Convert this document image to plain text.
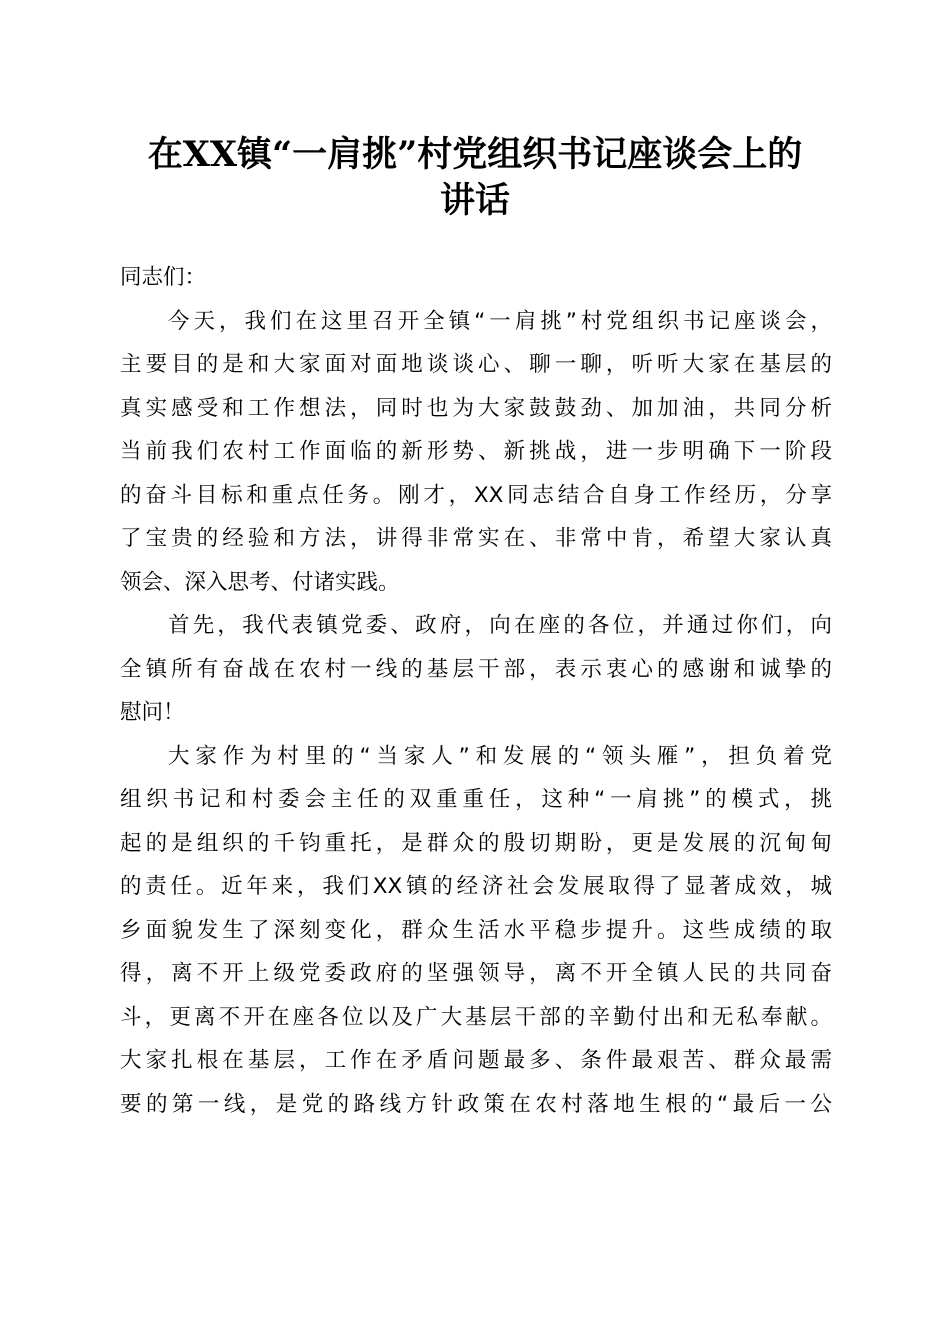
在XX镇“一肩挑”村党组织书记座谈会上的
讲话

同志们：

今天，我们在这里召开全镇“一肩挑”村党组织书记座谈会，
主要目的是和大家面对面地谈谈心、聊一聊，听听大家在基层的
真实感受和工作想法，同时也为大家鼓鼓劲、加加油，共同分析
当前我们农村工作面临的新形势、新挑战，进一步明确下一阶段
的奋斗目标和重点任务。刚才，XX同志结合自身工作经历，分享
了宝贵的经验和方法，讲得非常实在、非常中肯，希望大家认真
领会、深入思考、付诸实践。

首先，我代表镇党委、政府，向在座的各位，并通过你们，向
全镇所有奋战在农村一线的基层干部，表示衷心的感谢和诚挚的
慰问！

大家作为村里的“当家人”和发展的“领头雁”，担负着党
组织书记和村委会主任的双重重任，这种“一肩挑”的模式，挑
起的是组织的千钧重托，是群众的殷切期盼，更是发展的沉甸甸
的责任。近年来，我们XX镇的经济社会发展取得了显著成效，城
乡面貌发生了深刻变化，群众生活水平稳步提升。这些成绩的取
得，离不开上级党委政府的坚强领导，离不开全镇人民的共同奋
斗，更离不开在座各位以及广大基层干部的辛勤付出和无私奉献。
大家扎根在基层，工作在矛盾问题最多、条件最艰苦、群众最需
要的第一线，是党的路线方针政策在农村落地生根的“最后一公
